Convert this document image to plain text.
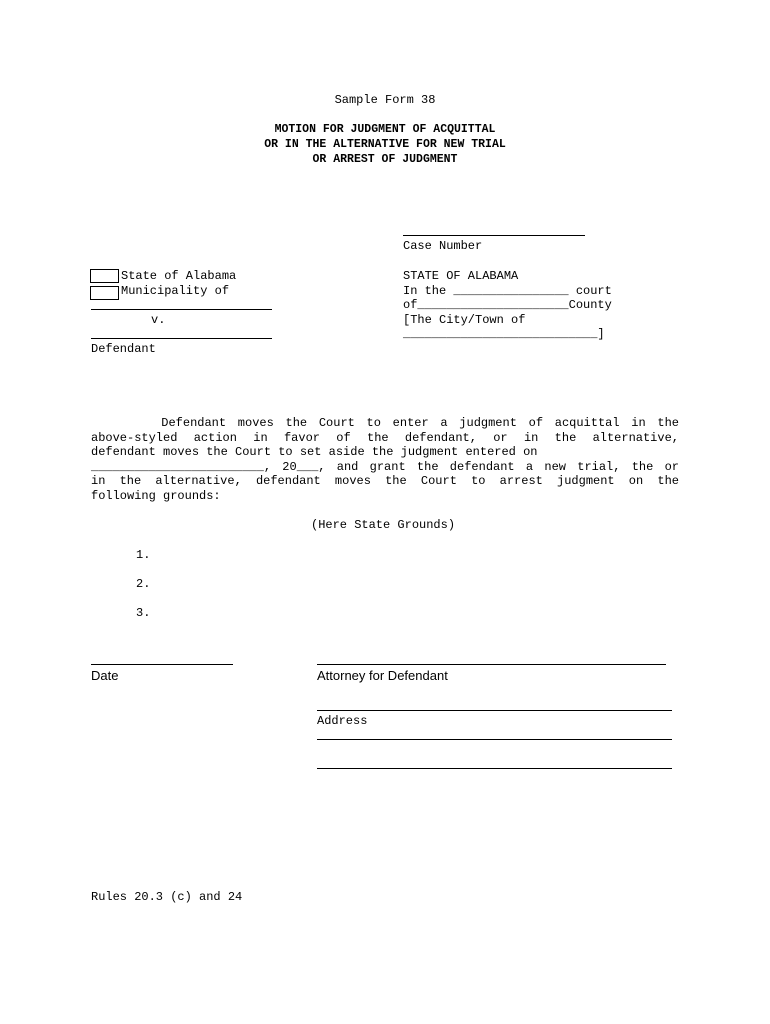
Sample Form 38
MOTION FOR JUDGMENT OF ACQUITTAL
OR IN THE ALTERNATIVE FOR NEW TRIAL
OR ARREST OF JUDGMENT
Case Number
State of Alabama
Municipality of
v.
Defendant
STATE OF ALABAMA
In the ________________ court
of_____________________County
[The City/Town of
___________________________]
Defendant moves the Court to enter a judgment of acquittal in the
above-styled action in favor of the defendant, or in the alternative,
defendant moves the Court to set aside the judgment entered on
________________________, 20___, and grant the defendant a new trial, the or
in the alternative, defendant moves the Court to arrest judgment on the
following grounds:
(Here State Grounds)
1.
2.
3.
Date	Attorney for Defendant
Address
Rules 20.3 (c) and 24
